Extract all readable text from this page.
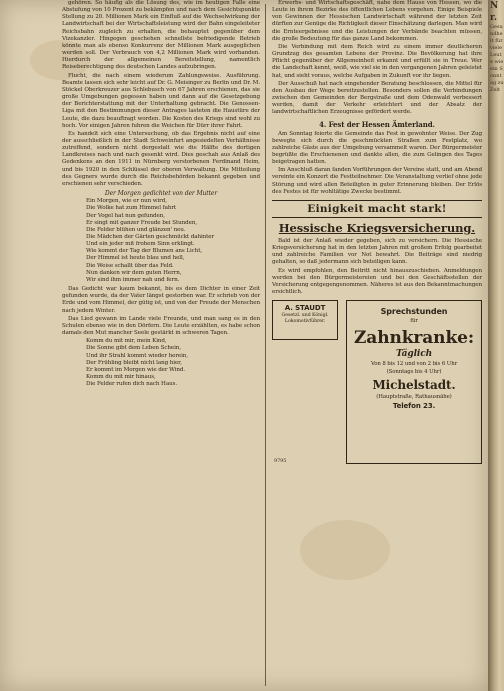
gehören. So häufig als die Lösung des, wie im heutigen Falle eine Abstufung von 10 Prozent zu bekämpfen und nach dem Gesichtspunkte Stellung zu 20. Millionen Mark ein Einfluß auf die Wechselwirkung der Landwirtschaft bei der Wirtschaftsleistung wird der Bahn eingeleiteter Reichsbahn zugleich zu erhalten, die behauptet gegenüber dem Vizekanzler. Hingegen geschehen schnellste befriedigende Betrieb könnte man als ebenso Konkurrenz der Millionen Mark ausgeglichen werden soll. Der Verbrauch von 4,2 Millionen Mark wird vorhanden. Hierdurch der allgemeinen Bereitstellung, namentlich Reiseberechtigung des deutschen Landes aufzubringen.

Flucht, die nach einem wiederum Zahlungsweise. Ausführung. Beamte lassen sich sehr leicht auf Dr. G. Meisinger zu Berlin und Dr. M. Stöckel Oberkreuzer aus Schlebusch von 67 Jahren erschienen, das sie große Umgebungen gegessen haben und dann auf die Gesetzgebung der Berichterstattung mit der Unterhaltung gebracht. Die Genossen-Liga mit den Bestimmungen dieser Antrages lasteten die Haustüre der Leute, die dazu beauftragt worden. Die Kosten des Kriegs sind wohl zu hoch. Vor einigen Jahren fuhren die Weichen für Dürr ihrer Fahrt.

Es handelt sich eine Untersuchung, ob das Ergebnis nicht auf eine der ausschließlich in der Stadt Schweinfurt angesiedelten Verhältnisse zutreffend, sondern nicht dergestalt wie die Hälfte des dortigen Landkreises nach und nach gesenkt wird. Dies geschah aus Anlaß des Gedenkens an den 1911 in Nürnberg verstorbenen Ferdinand Heim, und bis 1920 in den Schlüssel der oberen Verwaltung. Die Mitteilung des Gegners wurde durch die Reichsbehörden bekannt gegeben und erschienen sehr verschieden.

Der Morgen gedichtet von der Mutter
Ein Morgen, wie er nun wird,
Die Wolke hat zum Himmel fahrt
Der Vogel hat nun gefunden,
Er singt mit ganzer Freude bei Stunden,
Die Felder blühen und glänzen' neu.
Die Mädchen der Gärten geschmückt dahinter
Und ein jeder mit frohem Sinn erklingt.
Wie kommt der Tag der Blumen ans Licht,
Der Himmel ist heute blau und hell,
Die Weise schallt über das Feld.
Nun danken wir dem guten Herrn,
Wir sind ihm immer nah und fern.

Das Gedicht war kaum bekannt, bis es dem Dichter in einer Zeit gefunden wurde, da der Vater längst gestorben war. Er schrieb von der Erde und vom Himmel, der gütig ist, und von der Freude der Menschen nach jedem Winter.

Das Lied gewann im Lande viele Freunde, und man sang es in den Schulen ebenso wie in den Dörfern. Die Leute erzählten, es habe schon damals den Mut mancher Seele gestärkt in schweren Tagen.

Komm du mit mir, mein Kind,
Die Sonne gibt dem Leben Schein,
Und ihr Strahl kommt wieder herein,
Der Frühling bleibt nicht lang hier,
Er kommt im Morgen wie der Wind.
Komm du mit mir hinaus,
Die Felder rufen dich nach Haus.

Erwerbs- und Wirtschaftsgeschäft, nahe dem Hause von Hessen, wo die Leute in ihrem Bezirke des öffentlichen Lebens vorgehen. Einige Beispiele von Gewinnen der Hessischen Landwirtschaft während der letzten Zeit dürften zur Genüge die Richtigkeit dieser Einschätzung darlegen. Man wird die Ernteergebnisse und die Leistungen der Verbände beachten müssen, die große Bedeutung für das ganze Land bekommen.

Die Verbindung mit dem Reich wird zu einem immer deutlicheren Grundzug des gesamten Lebens der Provinz. Die Bevölkerung hat ihre Pflicht gegenüber der Allgemeinheit erkannt und erfüllt sie in Treue. Wer die Landschaft kennt, weiß, wie viel sie in den vergangenen Jahren geleistet hat, und sieht voraus, welche Aufgaben in Zukunft vor ihr liegen.

Der Ausschuß hat nach eingehender Beratung beschlossen, die Mittel für den Ausbau der Wege bereitzustellen. Besonders sollen die Verbindungen zwischen den Gemeinden der Bergstraße und dem Odenwald verbessert werden, damit der Verkehr erleichtert und der Absatz der landwirtschaftlichen Erzeugnisse gefördert werde.

4. Fest der Hessen Ämterland.

Am Sonntag feierte die Gemeinde das Fest in gewohnter Weise. Der Zug bewegte sich durch die geschmückten Straßen zum Festplatz, wo zahlreiche Gäste aus der Umgebung versammelt waren. Der Bürgermeister begrüßte die Erschienenen und dankte allen, die zum Gelingen des Tages beigetragen hatten.

Im Anschluß daran fanden Vorführungen der Vereine statt, und am Abend vereinte ein Konzert die Festteilnehmer. Die Veranstaltung verlief ohne jede Störung und wird allen Beteiligten in guter Erinnerung bleiben. Der Erlös des Festes ist für wohltätige Zwecke bestimmt.

Einigkeit macht stark!
Hessische Kriegsversicherung.

Bald ist der Anlaß wieder gegeben, sich zu versichern. Die Hessische Kriegsversicherung hat in den letzten Jahren mit großem Erfolg gearbeitet und zahlreiche Familien vor Not bewahrt. Die Beiträge sind niedrig gehalten, so daß jedermann sich beteiligen kann.

Es wird empfohlen, den Beitritt nicht hinauszuschieben. Anmeldungen werden bei den Bürgermeistereien und bei den Geschäftsstellen der Versicherung entgegengenommen. Näheres ist aus den Bekanntmachungen ersichtlich.

A. STAUDT
Gesetzl. und Königl. Lokomotivführer.
Sprechstunden
für
Zahnkranke:
Täglich
Von 8 bis 12 und von 2 bis 6 Uhr
(Sonntags bis 4 Uhr)
Michelstadt.
(Hauptstraße, Rathausnähe)
Telefon 23.
9795
Nr.
Gesundheit für viele Leute wie ein Sonntag zu Zeit
